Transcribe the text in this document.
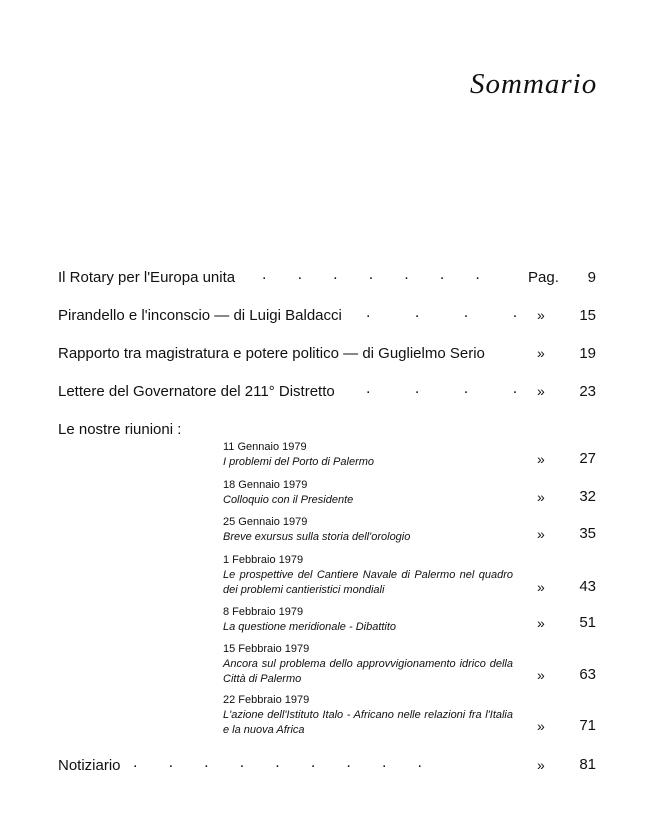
Sommario
Il Rotary per l'Europa unita .       .       .       .       .       .       .	Pag. 9
Pirandello e l'inconscio — di Luigi Baldacci .          .          .          . » 15
Rapporto tra magistratura e potere politico — di Guglielmo Serio	» 19
Lettere del Governatore del 211° Distretto .          .          .          . » 23
Le nostre riunioni :
11 Gennaio 1979
I problemi del Porto di Palermo	» 27
18 Gennaio 1979
Colloquio con il Presidente	» 32
25 Gennaio 1979
Breve exursus sulla storia dell'orologio	» 35
1 Febbraio 1979
Le prospettive del Cantiere Navale di Palermo nel quadro dei problemi cantieristici mondiali	» 43
8 Febbraio 1979
La questione meridionale - Dibattito	» 51
15 Febbraio 1979
Ancora sul problema dello approvvigionamento idrico della Città di Palermo	» 63
22 Febbraio 1979
L'azione dell'Istituto Italo - Africano nelle relazioni fra l'Italia e la nuova Africa	» 71
Notiziario .       .       .       .       .       .       .       .       .	» 81
